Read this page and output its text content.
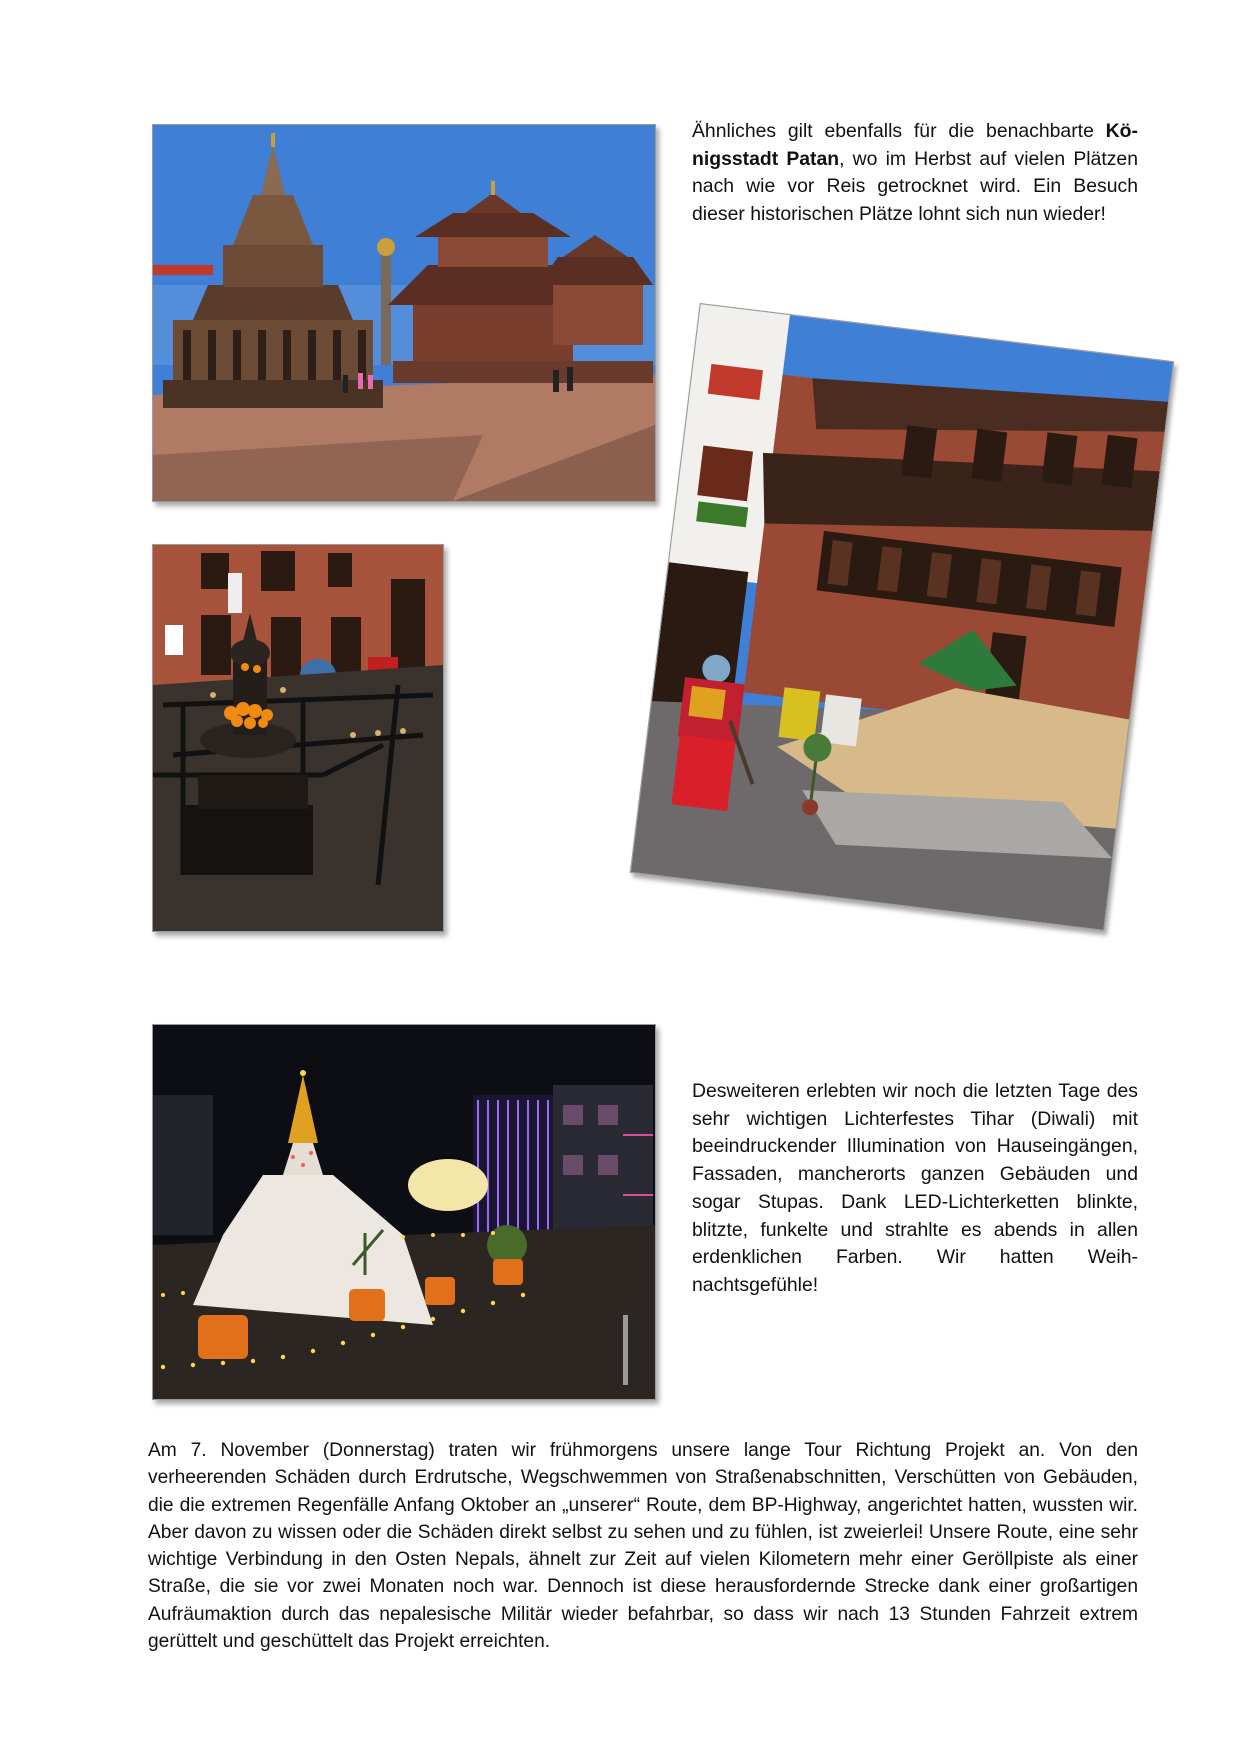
Ähnliches gilt ebenfalls für die benachbarte Königsstadt Patan, wo im Herbst auf vielen Plätzen nach wie vor Reis getrocknet wird. Ein Besuch dieser historischen Plätze lohnt sich nun wieder!

Desweiteren erlebten wir noch die letzten Tage des sehr wichtigen Lichterfestes Tihar (Diwali) mit beeindruckender Illumination von Hauseingängen, Fassaden, mancherorts ganzen Gebäuden und sogar Stupas. Dank LED-Lichterketten blinkte, blitzte, funkelte und strahlte es abends in allen erdenklichen Farben. Wir hatten Weihnachtsgefühle!

Am 7. November (Donnerstag) traten wir frühmorgens unsere lange Tour Richtung Projekt an. Von den verheerenden Schäden durch Erdrutsche, Wegschwemmen von Straßenabschnitten, Verschütten von Gebäuden, die die extremen Regenfälle Anfang Oktober an „unserer“ Route, dem BP-Highway, angerichtet hatten, wussten wir. Aber davon zu wissen oder die Schäden direkt selbst zu sehen und zu fühlen, ist zweierlei! Unsere Route, eine sehr wichtige Verbindung in den Osten Nepals, ähnelt zur Zeit auf vielen Kilometern mehr einer Geröllpiste als einer Straße, die sie vor zwei Monaten noch war. Dennoch ist diese herausfordernde Strecke dank einer großartigen Aufräumaktion durch das nepalesische Militär wieder befahrbar, so dass wir nach 13 Stunden Fahrzeit extrem gerüttelt und geschüttelt das Projekt erreichten.
